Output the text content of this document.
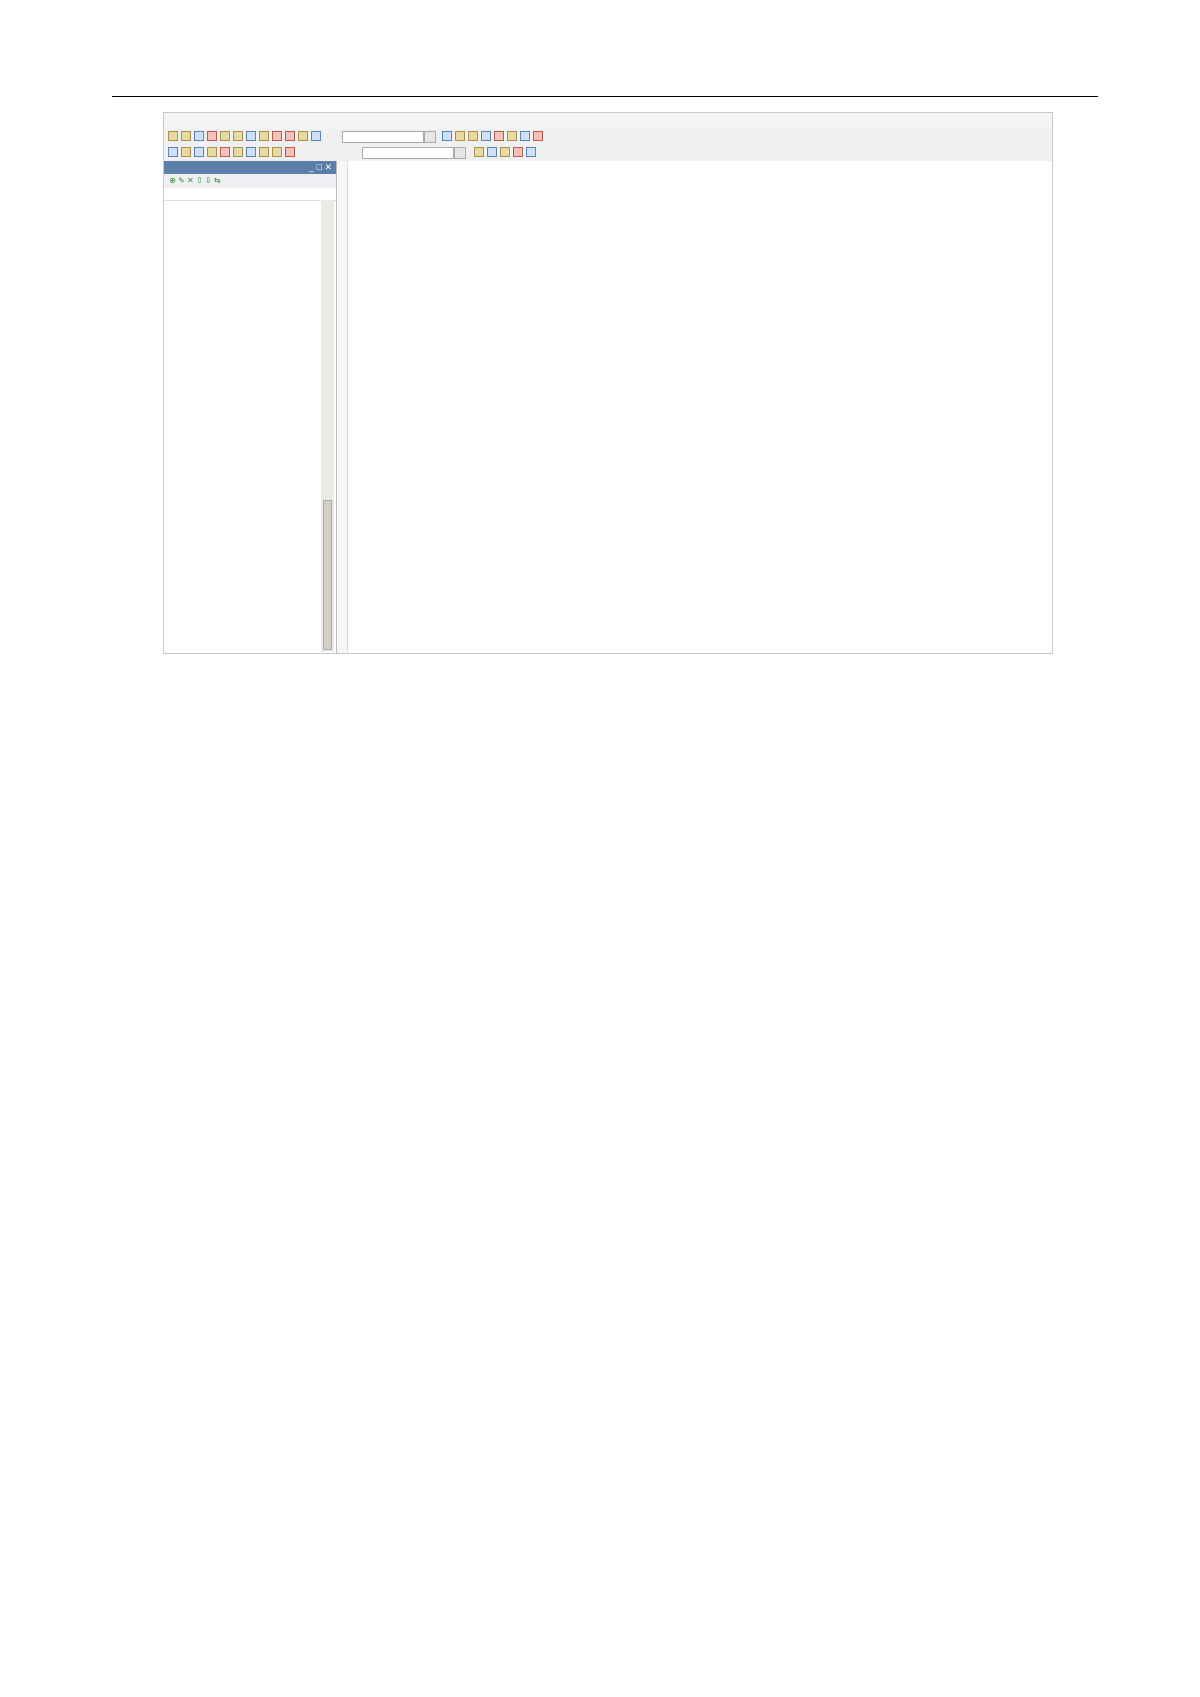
_ □ ✕
⊕ ✎ ✕ ⇧ ⇩ ⇆
